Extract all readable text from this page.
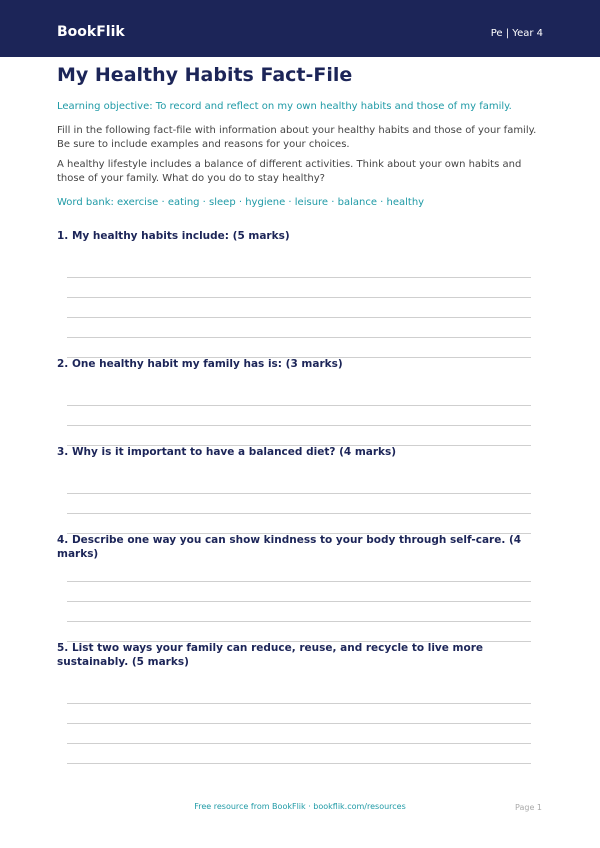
BookFlik	Pe | Year 4
My Healthy Habits Fact-File

Learning objective: To record and reflect on my own healthy habits and those of my family.

Fill in the following fact-file with information about your healthy habits and those of your family. Be sure to include examples and reasons for your choices.

A healthy lifestyle includes a balance of different activities. Think about your own habits and those of your family. What do you do to stay healthy?

Word bank: exercise · eating · sleep · hygiene · leisure · balance · healthy

1. My healthy habits include: (5 marks)

2. One healthy habit my family has is: (3 marks)

3. Why is it important to have a balanced diet? (4 marks)

4. Describe one way you can show kindness to your body through self-care. (4 marks)

5. List two ways your family can reduce, reuse, and recycle to live more sustainably. (5 marks)

Free resource from BookFlik · bookflik.com/resources	Page 1
